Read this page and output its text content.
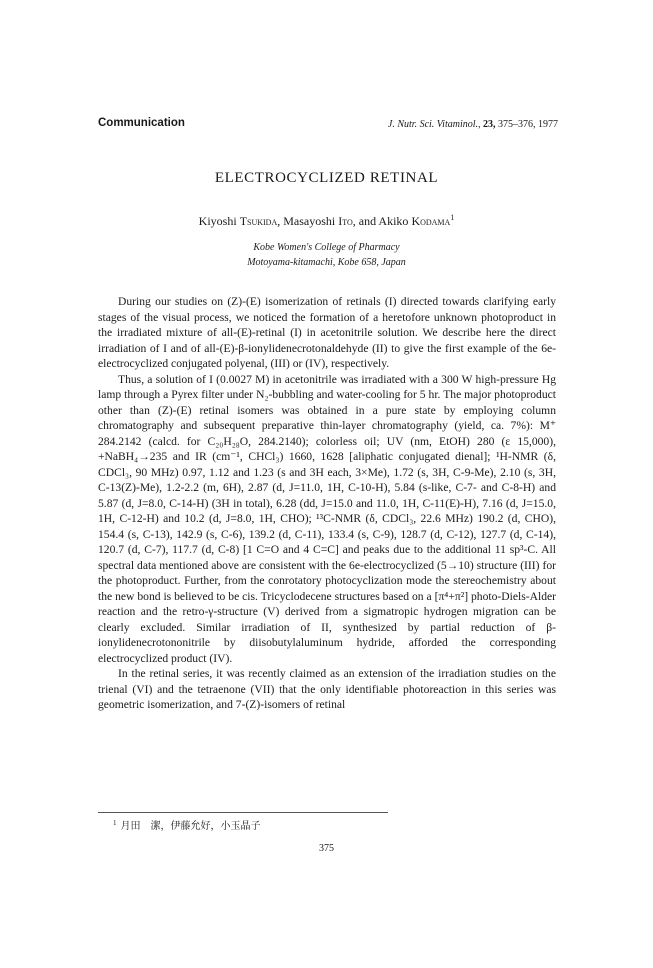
Communication	J. Nutr. Sci. Vitaminol., 23, 375–376, 1977
ELECTROCYCLIZED RETINAL
Kiyoshi Tsukida, Masayoshi Ito, and Akiko Kodama$^1$
Kobe Women's College of Pharmacy
Motoyama-kitamachi, Kobe 658, Japan

During our studies on (Z)-(E) isomerization of retinals (I) directed towards clarifying early stages of the visual process, we noticed the formation of a heretofore unknown photoproduct in the irradiated mixture of all-(E)-retinal (I) in acetonitrile solution. We describe here the direct irradiation of I and of all-(E)-β-ionylidenecrotonaldehyde (II) to give the first example of the 6e-electrocyclized conjugated polyenal, (III) or (IV), respectively.

Thus, a solution of I (0.0027 M) in acetonitrile was irradiated with a 300 W high-pressure Hg lamp through a Pyrex filter under N₂-bubbling and water-cooling for 5 hr. The major photoproduct other than (Z)-(E) retinal isomers was obtained in a pure state by employing column chromatography and subsequent preparative thin-layer chromatography (yield, ca. 7%): M⁺ 284.2142 (calcd. for C₂₀H₂₈O, 284.2140); colorless oil; UV (nm, EtOH) 280 (ε 15,000), +NaBH₄→235 and IR (cm⁻¹, CHCl₃) 1660, 1628 [aliphatic conjugated dienal]; ¹H-NMR (δ, CDCl₃, 90 MHz) 0.97, 1.12 and 1.23 (s and 3H each, 3×Me), 1.72 (s, 3H, C-9-Me), 2.10 (s, 3H, C-13(Z)-Me), 1.2-2.2 (m, 6H), 2.87 (d, J=11.0, 1H, C-10-H), 5.84 (s-like, C-7- and C-8-H) and 5.87 (d, J=8.0, C-14-H) (3H in total), 6.28 (dd, J=15.0 and 11.0, 1H, C-11(E)-H), 7.16 (d, J=15.0, 1H, C-12-H) and 10.2 (d, J=8.0, 1H, CHO); ¹³C-NMR (δ, CDCl₃, 22.6 MHz) 190.2 (d, CHO), 154.4 (s, C-13), 142.9 (s, C-6), 139.2 (d, C-11), 133.4 (s, C-9), 128.7 (d, C-12), 127.7 (d, C-14), 120.7 (d, C-7), 117.7 (d, C-8) [1 C=O and 4 C=C] and peaks due to the additional 11 sp³-C. All spectral data mentioned above are consistent with the 6e-electrocyclized (5→10) structure (III) for the photoproduct. Further, from the conrotatory photocyclization mode the stereochemistry about the new bond is believed to be cis. Tricyclodecene structures based on a [π⁴+π²] photo-Diels-Alder reaction and the retro-γ-structure (V) derived from a sigmatropic hydrogen migration can be clearly excluded. Similar irradiation of II, synthesized by partial reduction of β-ionylidenecrotononitrile by diisobutylaluminum hydride, afforded the corresponding electrocyclized product (IV).

In the retinal series, it was recently claimed as an extension of the irradiation studies on the trienal (VI) and the tetraenone (VII) that the only identifiable photoreaction in this series was geometric isomerization, and 7-(Z)-isomers of retinal

$^1$ 月田　潔，伊藤允好，小玉晶子
375
